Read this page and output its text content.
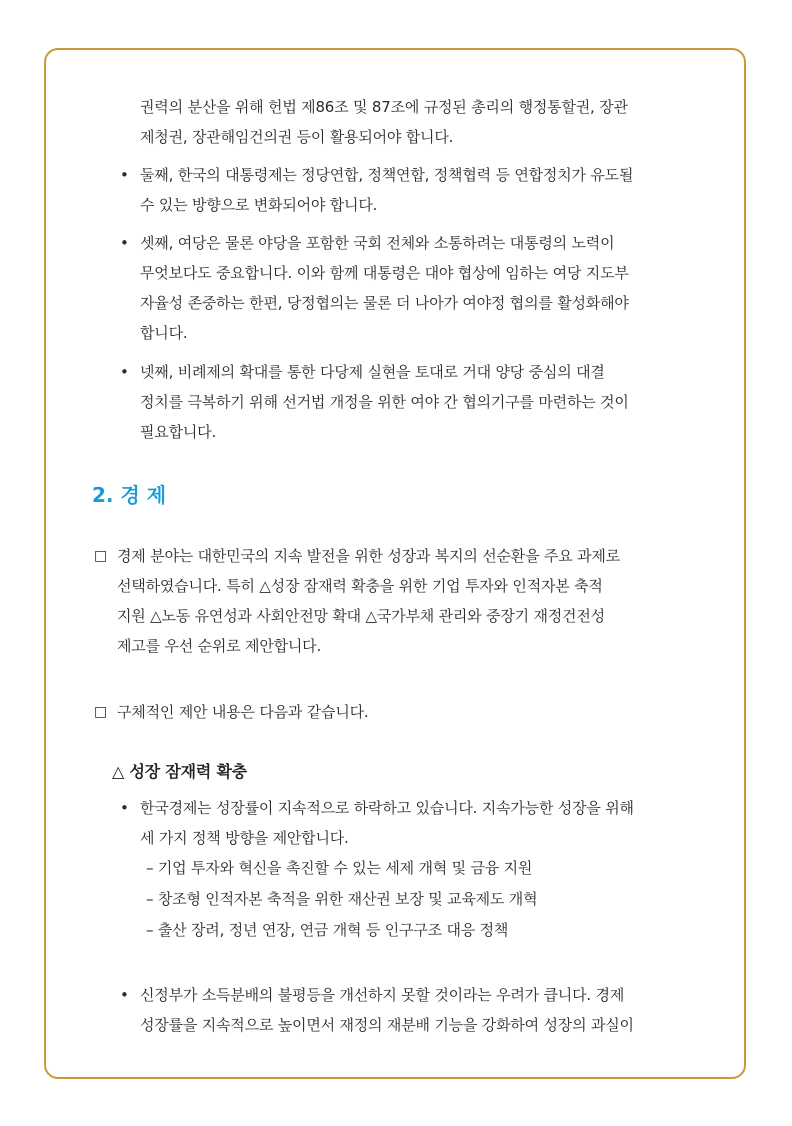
권력의 분산을 위해 헌법 제86조 및 87조에 규정된 총리의 행정통할권, 장관
제청권, 장관해임건의권 등이 활용되어야 합니다.
• 둘째, 한국의 대통령제는 정당연합, 정책연합, 정책협력 등 연합정치가 유도될
수 있는 방향으로 변화되어야 합니다.
• 셋째, 여당은 물론 야당을 포함한 국회 전체와 소통하려는 대통령의 노력이
무엇보다도 중요합니다. 이와 함께 대통령은 대야 협상에 임하는 여당 지도부
자율성 존중하는 한편, 당정협의는 물론 더 나아가 여야정 협의를 활성화해야
합니다.
• 넷째, 비례제의 확대를 통한 다당제 실현을 토대로 거대 양당 중심의 대결
정치를 극복하기 위해 선거법 개정을 위한 여야 간 협의기구를 마련하는 것이
필요합니다.
2. 경 제
□ 경제 분야는 대한민국의 지속 발전을 위한 성장과 복지의 선순환을 주요 과제로
선택하였습니다. 특히 △성장 잠재력 확충을 위한 기업 투자와 인적자본 축적
지원 △노동 유연성과 사회안전망 확대 △국가부채 관리와 중장기 재정건전성
제고를 우선 순위로 제안합니다.
□ 구체적인 제안 내용은 다음과 같습니다.
△ 성장 잠재력 확충
• 한국경제는 성장률이 지속적으로 하락하고 있습니다. 지속가능한 성장을 위해
세 가지 정책 방향을 제안합니다.
– 기업 투자와 혁신을 촉진할 수 있는 세제 개혁 및 금융 지원
– 창조형 인적자본 축적을 위한 재산권 보장 및 교육제도 개혁
– 출산 장려, 정년 연장, 연금 개혁 등 인구구조 대응 정책
• 신정부가 소득분배의 불평등을 개선하지 못할 것이라는 우려가 큽니다. 경제
성장률을 지속적으로 높이면서 재정의 재분배 기능을 강화하여 성장의 과실이
